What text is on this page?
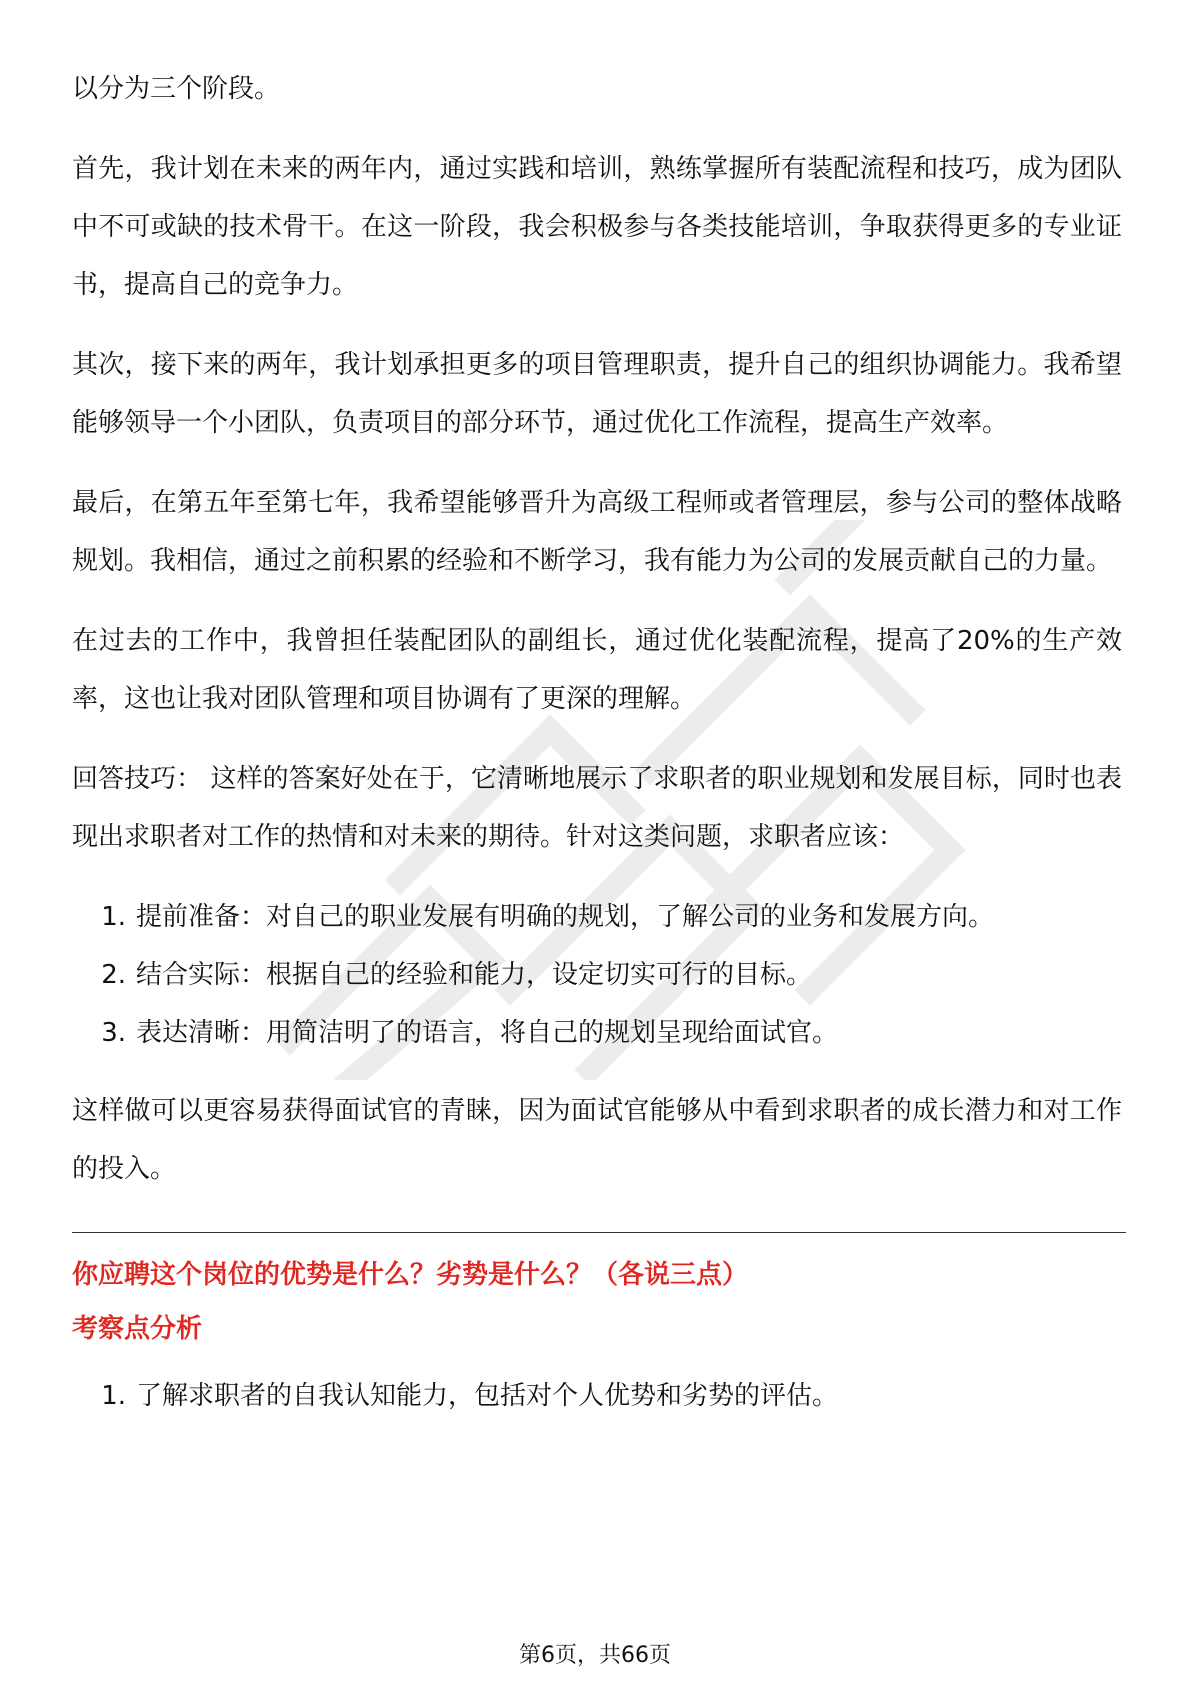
以分为三个阶段。

首先，我计划在未来的两年内，通过实践和培训，熟练掌握所有装配流程和技巧，成为团队中不可或缺的技术骨干。在这一阶段，我会积极参与各类技能培训，争取获得更多的专业证书，提高自己的竞争力。

其次，接下来的两年，我计划承担更多的项目管理职责，提升自己的组织协调能力。我希望能够领导一个小团队，负责项目的部分环节，通过优化工作流程，提高生产效率。

最后，在第五年至第七年，我希望能够晋升为高级工程师或者管理层，参与公司的整体战略规划。我相信，通过之前积累的经验和不断学习，我有能力为公司的发展贡献自己的力量。

在过去的工作中，我曾担任装配团队的副组长，通过优化装配流程，提高了20%的生产效率，这也让我对团队管理和项目协调有了更深的理解。

回答技巧： 这样的答案好处在于，它清晰地展示了求职者的职业规划和发展目标，同时也表现出求职者对工作的热情和对未来的期待。针对这类问题，求职者应该：

1. 提前准备：对自己的职业发展有明确的规划，了解公司的业务和发展方向。
2. 结合实际：根据自己的经验和能力，设定切实可行的目标。
3. 表达清晰：用简洁明了的语言，将自己的规划呈现给面试官。

这样做可以更容易获得面试官的青睐，因为面试官能够从中看到求职者的成长潜力和对工作的投入。

你应聘这个岗位的优势是什么？劣势是什么？（各说三点）

考察点分析

1. 了解求职者的自我认知能力，包括对个人优势和劣势的评估。
第6页，共66页
